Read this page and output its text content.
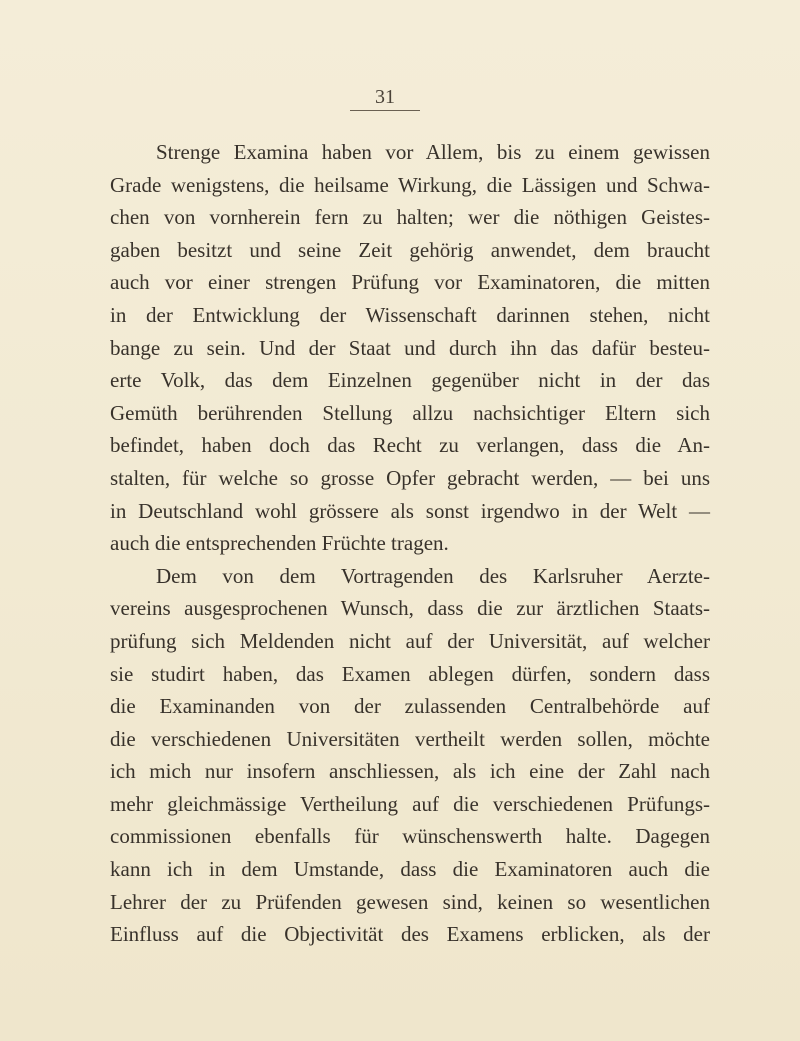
31
Strenge Examina haben vor Allem, bis zu einem gewissen
Grade wenigstens, die heilsame Wirkung, die Lässigen und Schwa-
chen von vornherein fern zu halten; wer die nöthigen Geistes-
gaben besitzt und seine Zeit gehörig anwendet, dem braucht
auch vor einer strengen Prüfung vor Examinatoren, die mitten
in der Entwicklung der Wissenschaft darinnen stehen, nicht
bange zu sein. Und der Staat und durch ihn das dafür besteu-
erte Volk, das dem Einzelnen gegenüber nicht in der das
Gemüth berührenden Stellung allzu nachsichtiger Eltern sich
befindet, haben doch das Recht zu verlangen, dass die An-
stalten, für welche so grosse Opfer gebracht werden, — bei uns
in Deutschland wohl grössere als sonst irgendwo in der Welt —
auch die entsprechenden Früchte tragen.
Dem von dem Vortragenden des Karlsruher Aerzte-
vereins ausgesprochenen Wunsch, dass die zur ärztlichen Staats-
prüfung sich Meldenden nicht auf der Universität, auf welcher
sie studirt haben, das Examen ablegen dürfen, sondern dass
die Examinanden von der zulassenden Centralbehörde auf
die verschiedenen Universitäten vertheilt werden sollen, möchte
ich mich nur insofern anschliessen, als ich eine der Zahl nach
mehr gleichmässige Vertheilung auf die verschiedenen Prüfungs-
commissionen ebenfalls für wünschenswerth halte. Dagegen
kann ich in dem Umstande, dass die Examinatoren auch die
Lehrer der zu Prüfenden gewesen sind, keinen so wesentlichen
Einfluss auf die Objectivität des Examens erblicken, als der
